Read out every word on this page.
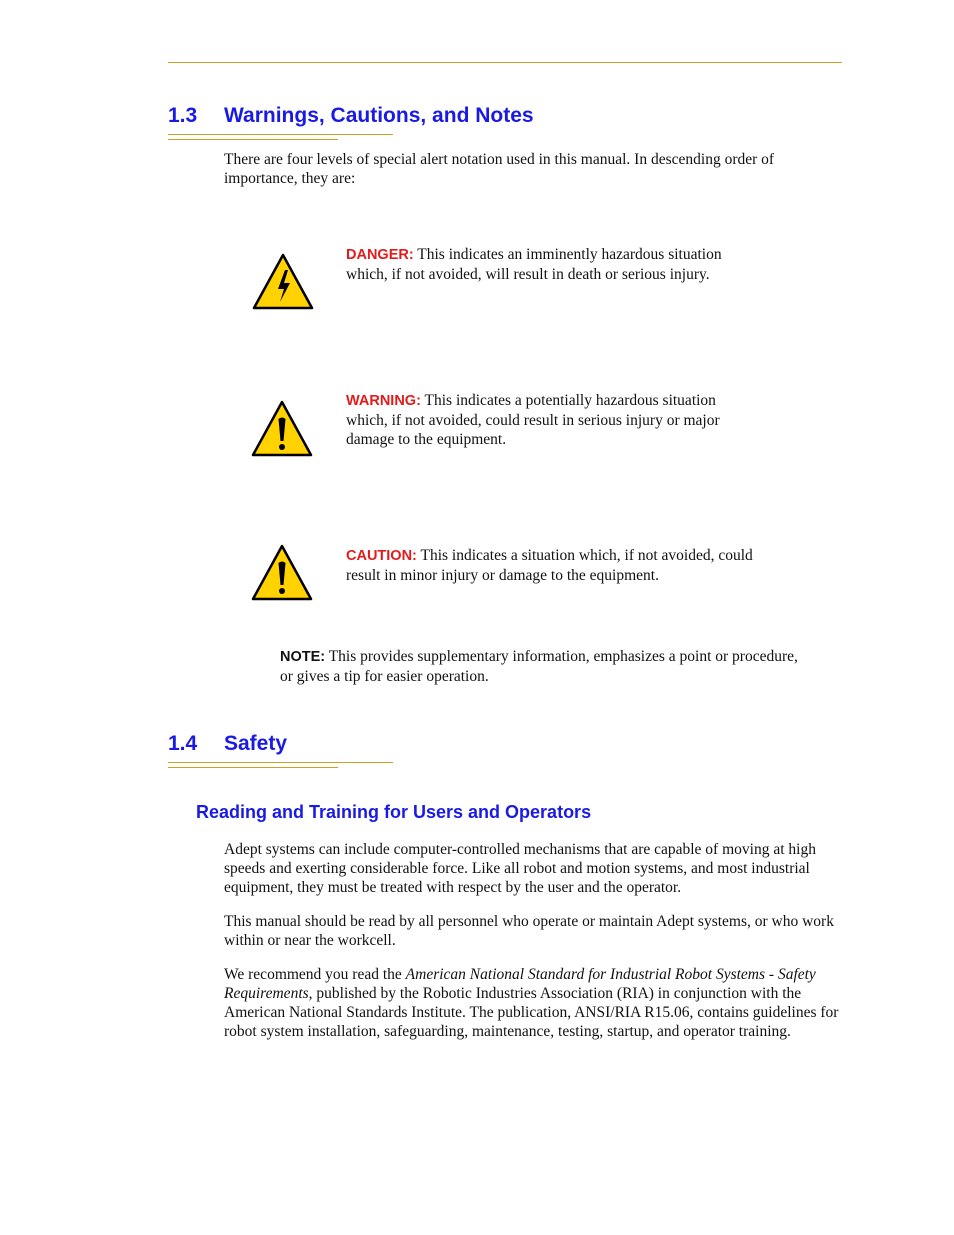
1.3 Warnings, Cautions, and Notes

There are four levels of special alert notation used in this manual. In descending order of importance, they are:

DANGER: This indicates an imminently hazardous situation which, if not avoided, will result in death or serious injury.

WARNING: This indicates a potentially hazardous situation which, if not avoided, could result in serious injury or major damage to the equipment.

CAUTION: This indicates a situation which, if not avoided, could result in minor injury or damage to the equipment.

NOTE: This provides supplementary information, emphasizes a point or procedure, or gives a tip for easier operation.

1.4 Safety
Reading and Training for Users and Operators

Adept systems can include computer-controlled mechanisms that are capable of moving at high speeds and exerting considerable force. Like all robot and motion systems, and most industrial equipment, they must be treated with respect by the user and the operator.

This manual should be read by all personnel who operate or maintain Adept systems, or who work within or near the workcell.

We recommend you read the American National Standard for Industrial Robot Systems - Safety Requirements, published by the Robotic Industries Association (RIA) in conjunction with the American National Standards Institute. The publication, ANSI/RIA R15.06, contains guidelines for robot system installation, safeguarding, maintenance, testing, startup, and operator training.
